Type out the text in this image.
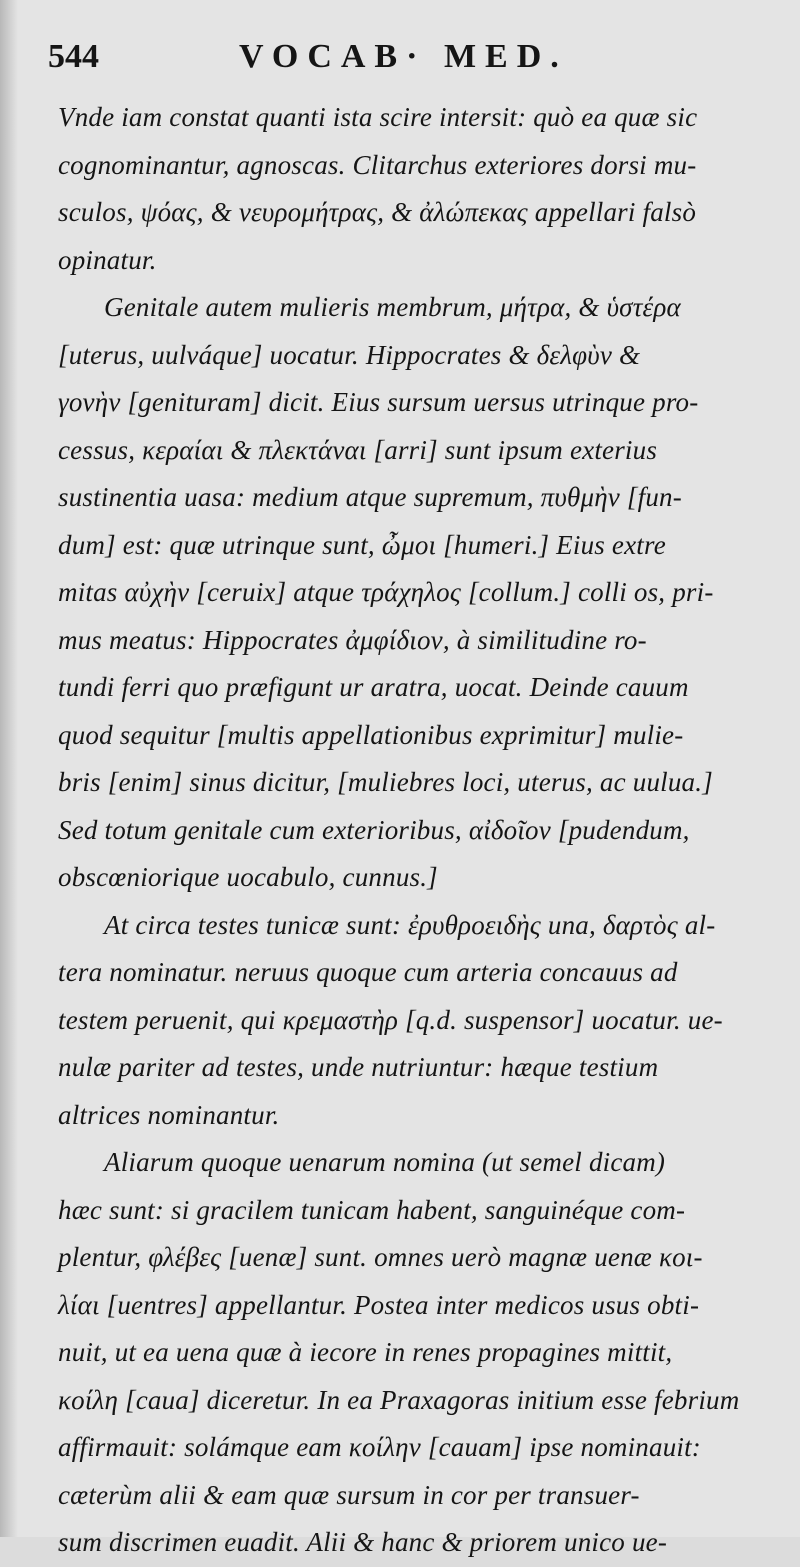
544	VOCAB· MED.
Vnde iam constat quanti ista scire intersit: quò ea quæ sic
cognominantur, agnoscas. Clitarchus exteriores dorsi mu-
sculos, ψόας, & νευρομήτρας, & ἀλώπεκας appellari falsò
opinatur.
Genitale autem mulieris membrum, μήτρα, & ὑστέρα
[uterus, uulváque] uocatur. Hippocrates & δελφὺν &
γονὴν [genituram] dicit. Eius sursum uersus utrinque pro-
cessus, κεραίαι & πλεκτάναι [arri] sunt ipsum exterius
sustinentia uasa: medium atque supremum, πυθμὴν [fun-
dum] est: quæ utrinque sunt, ὦμοι [humeri.] Eius extre
mitas αὐχὴν [ceruix] atque τράχηλος [collum.] colli os, pri-
mus meatus: Hippocrates ἀμφίδιον, à similitudine ro-
tundi ferri quo præfigunt ur aratra, uocat. Deinde cauum
quod sequitur [multis appellationibus exprimitur] mulie-
bris [enim] sinus dicitur, [muliebres loci, uterus, ac uulua.]
Sed totum genitale cum exterioribus, αἰδοῖον [pudendum,
obscœniorique uocabulo, cunnus.]
At circa testes tunicæ sunt: ἐρυθροειδὴς una, δαρτὸς al-
tera nominatur. neruus quoque cum arteria concauus ad
testem peruenit, qui κρεμαστὴρ [q.d. suspensor] uocatur. ue-
nulæ pariter ad testes, unde nutriuntur: hæque testium
altrices nominantur.
Aliarum quoque uenarum nomina (ut semel dicam)
hæc sunt: si gracilem tunicam habent, sanguinéque com-
plentur, φλέβες [uenæ] sunt. omnes uerò magnæ uenæ κοι-
λίαι [uentres] appellantur. Postea inter medicos usus obti-
nuit, ut ea uena quæ à iecore in renes propagines mittit,
κοίλη [caua] diceretur. In ea Praxagoras initium esse febrium
affirmauit: solámque eam κοίλην [cauam] ipse nominauit:
cæterùm alii & eam quæ sursum in cor per transuer-
sum discrimen euadit. Alii & hanc & priorem unico ue-
